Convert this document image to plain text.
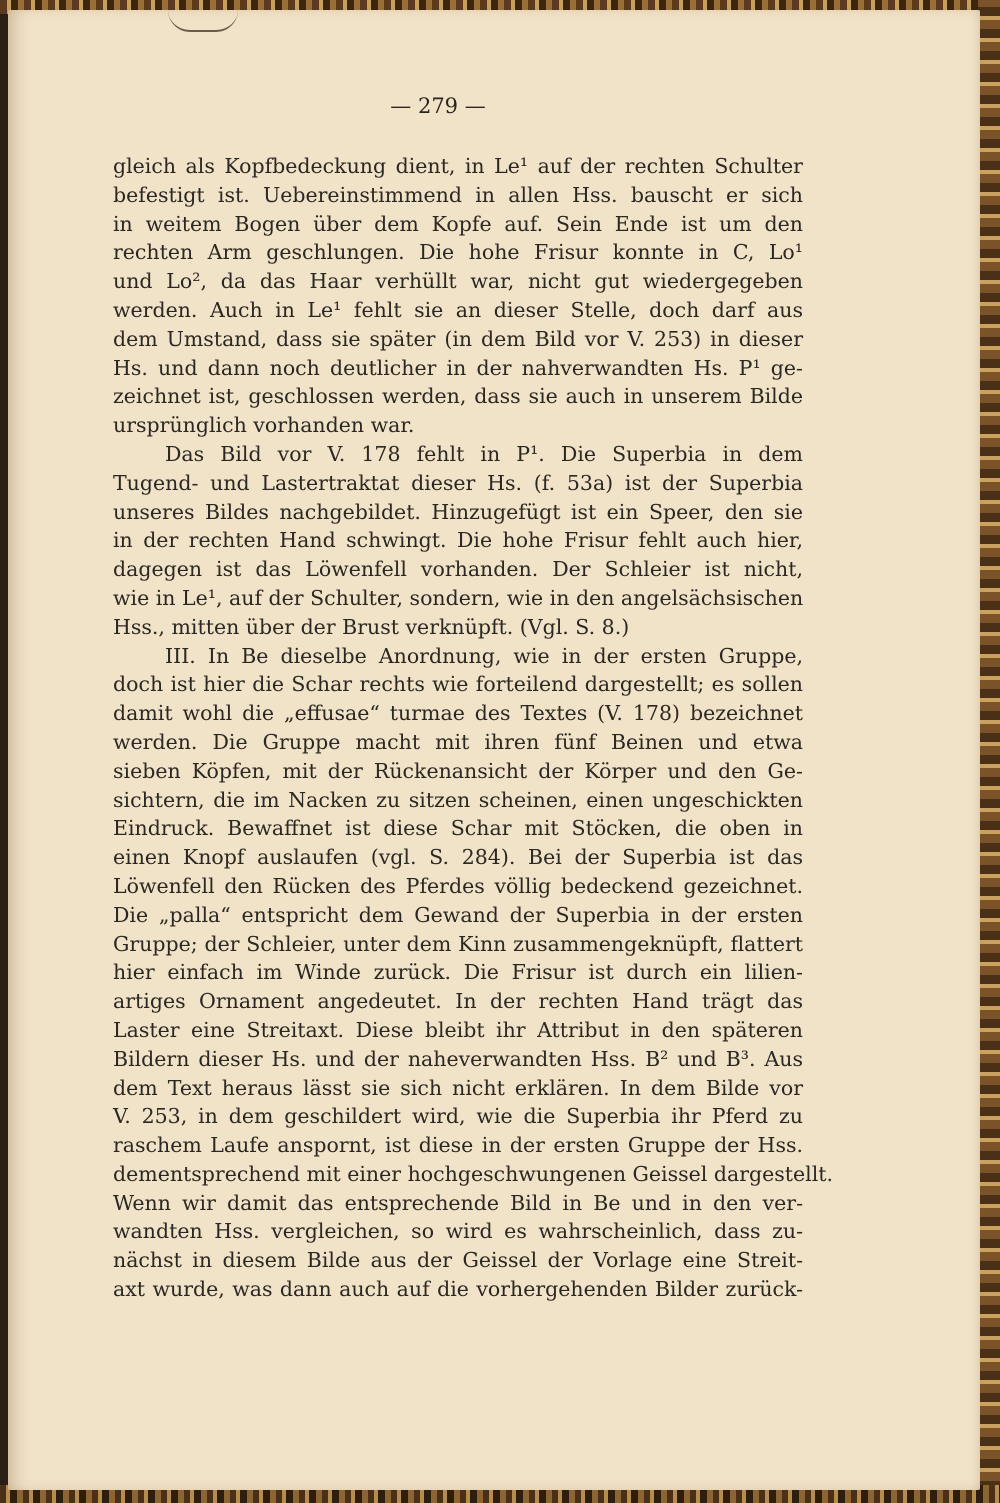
— 279 —
gleich als Kopfbedeckung dient, in Le¹ auf der rechten Schulter
befestigt ist. Uebereinstimmend in allen Hss. bauscht er sich
in weitem Bogen über dem Kopfe auf. Sein Ende ist um den
rechten Arm geschlungen. Die hohe Frisur konnte in C, Lo¹
und Lo², da das Haar verhüllt war, nicht gut wiedergegeben
werden. Auch in Le¹ fehlt sie an dieser Stelle, doch darf aus
dem Umstand, dass sie später (in dem Bild vor V. 253) in dieser
Hs. und dann noch deutlicher in der nahverwandten Hs. P¹ ge-
zeichnet ist, geschlossen werden, dass sie auch in unserem Bilde
ursprünglich vorhanden war.
Das Bild vor V. 178 fehlt in P¹. Die Superbia in dem
Tugend- und Lastertraktat dieser Hs. (f. 53a) ist der Superbia
unseres Bildes nachgebildet. Hinzugefügt ist ein Speer, den sie
in der rechten Hand schwingt. Die hohe Frisur fehlt auch hier,
dagegen ist das Löwenfell vorhanden. Der Schleier ist nicht,
wie in Le¹, auf der Schulter, sondern, wie in den angelsächsischen
Hss., mitten über der Brust verknüpft. (Vgl. S. 8.)
III. In Be dieselbe Anordnung, wie in der ersten Gruppe,
doch ist hier die Schar rechts wie forteilend dargestellt; es sollen
damit wohl die „effusae“ turmae des Textes (V. 178) bezeichnet
werden. Die Gruppe macht mit ihren fünf Beinen und etwa
sieben Köpfen, mit der Rückenansicht der Körper und den Ge-
sichtern, die im Nacken zu sitzen scheinen, einen ungeschickten
Eindruck. Bewaffnet ist diese Schar mit Stöcken, die oben in
einen Knopf auslaufen (vgl. S. 284). Bei der Superbia ist das
Löwenfell den Rücken des Pferdes völlig bedeckend gezeichnet.
Die „palla“ entspricht dem Gewand der Superbia in der ersten
Gruppe; der Schleier, unter dem Kinn zusammengeknüpft, flattert
hier einfach im Winde zurück. Die Frisur ist durch ein lilien-
artiges Ornament angedeutet. In der rechten Hand trägt das
Laster eine Streitaxt. Diese bleibt ihr Attribut in den späteren
Bildern dieser Hs. und der naheverwandten Hss. B² und B³. Aus
dem Text heraus lässt sie sich nicht erklären. In dem Bilde vor
V. 253, in dem geschildert wird, wie die Superbia ihr Pferd zu
raschem Laufe anspornt, ist diese in der ersten Gruppe der Hss.
dementsprechend mit einer hochgeschwungenen Geissel dargestellt.
Wenn wir damit das entsprechende Bild in Be und in den ver-
wandten Hss. vergleichen, so wird es wahrscheinlich, dass zu-
nächst in diesem Bilde aus der Geissel der Vorlage eine Streit-
axt wurde, was dann auch auf die vorhergehenden Bilder zurück-
